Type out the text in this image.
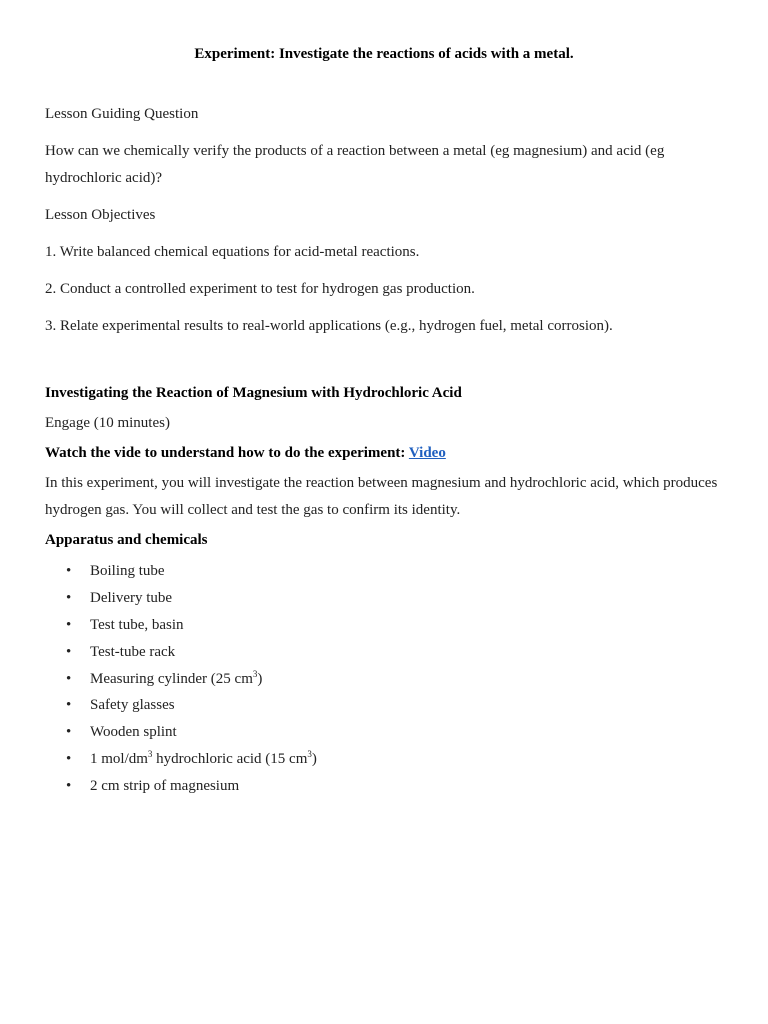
Experiment: Investigate the reactions of acids with a metal.

Lesson Guiding Question

How can we chemically verify the products of a reaction between a metal (eg magnesium) and acid (eg hydrochloric acid)?

Lesson Objectives

1. Write balanced chemical equations for acid-metal reactions.

2. Conduct a controlled experiment to test for hydrogen gas production.

3. Relate experimental results to real-world applications (e.g., hydrogen fuel, metal corrosion).

Investigating the Reaction of Magnesium with Hydrochloric Acid

Engage (10 minutes)

Watch the vide to understand how to do the experiment: Video

In this experiment, you will investigate the reaction between magnesium and hydrochloric acid, which produces hydrogen gas. You will collect and test the gas to confirm its identity.

Apparatus and chemicals

• Boiling tube
• Delivery tube
• Test tube, basin
• Test-tube rack
• Measuring cylinder (25 $cm^3$)
• Safety glasses
• Wooden splint
• 1 mol/$dm^3$ hydrochloric acid (15 $cm^3$)
• 2 cm strip of magnesium
